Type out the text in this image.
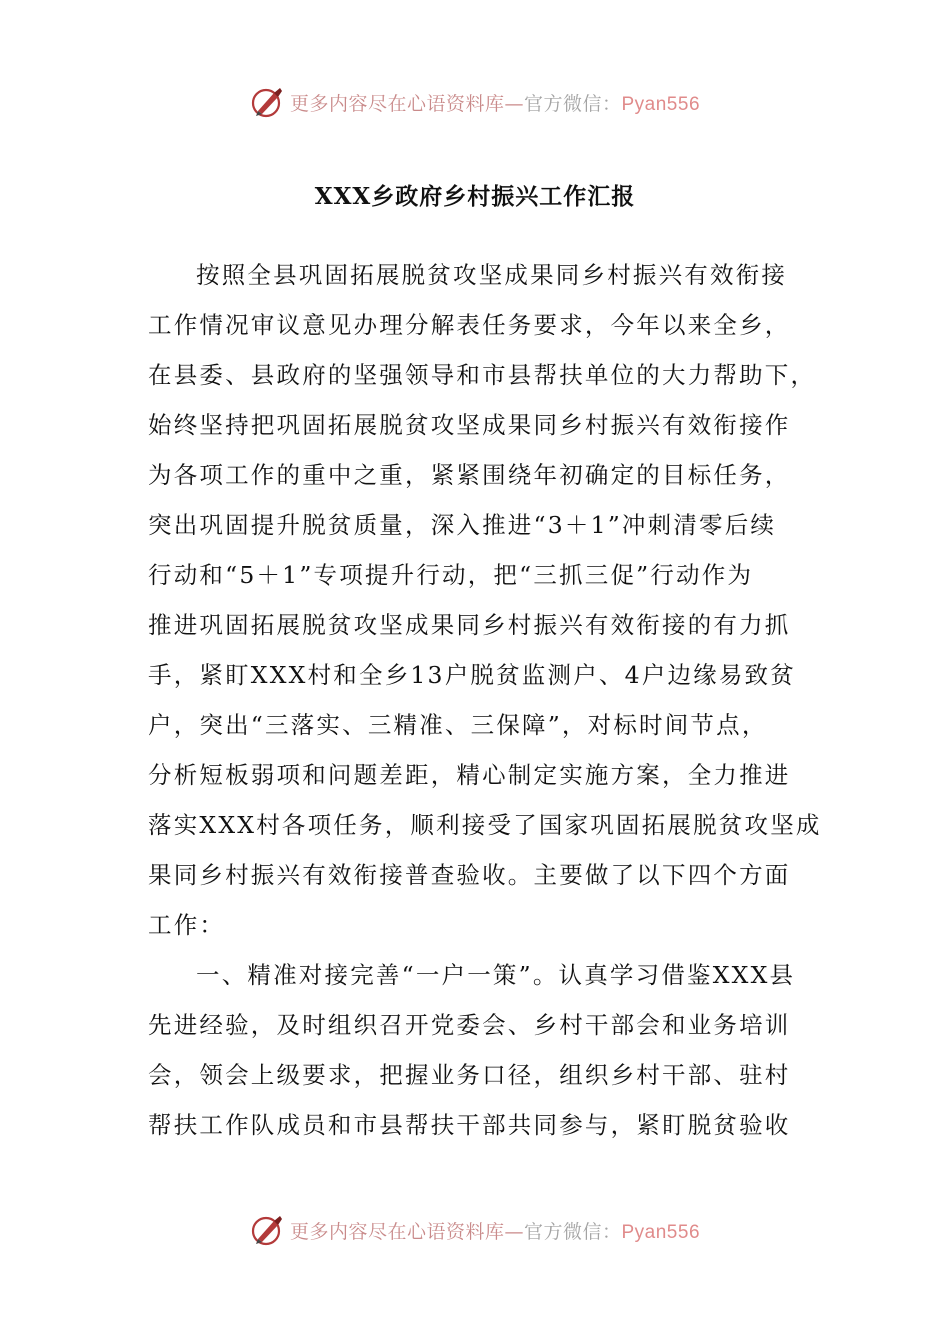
更多内容尽在心语资料库—官方微信：Pyan556
XXX乡政府乡村振兴工作汇报
按照全县巩固拓展脱贫攻坚成果同乡村振兴有效衔接
工作情况审议意见办理分解表任务要求，今年以来全乡，
在县委、县政府的坚强领导和市县帮扶单位的大力帮助下，
始终坚持把巩固拓展脱贫攻坚成果同乡村振兴有效衔接作
为各项工作的重中之重，紧紧围绕年初确定的目标任务，
突出巩固提升脱贫质量，深入推进“3＋1”冲刺清零后续
行动和“5＋1”专项提升行动，把“三抓三促”行动作为
推进巩固拓展脱贫攻坚成果同乡村振兴有效衔接的有力抓
手，紧盯XXX村和全乡13户脱贫监测户、4户边缘易致贫
户，突出“三落实、三精准、三保障”，对标时间节点，
分析短板弱项和问题差距，精心制定实施方案，全力推进
落实XXX村各项任务，顺利接受了国家巩固拓展脱贫攻坚成
果同乡村振兴有效衔接普查验收。主要做了以下四个方面
工作：
一、精准对接完善“一户一策”。认真学习借鉴XXX县
先进经验，及时组织召开党委会、乡村干部会和业务培训
会，领会上级要求，把握业务口径，组织乡村干部、驻村
帮扶工作队成员和市县帮扶干部共同参与，紧盯脱贫验收
更多内容尽在心语资料库—官方微信：Pyan556
